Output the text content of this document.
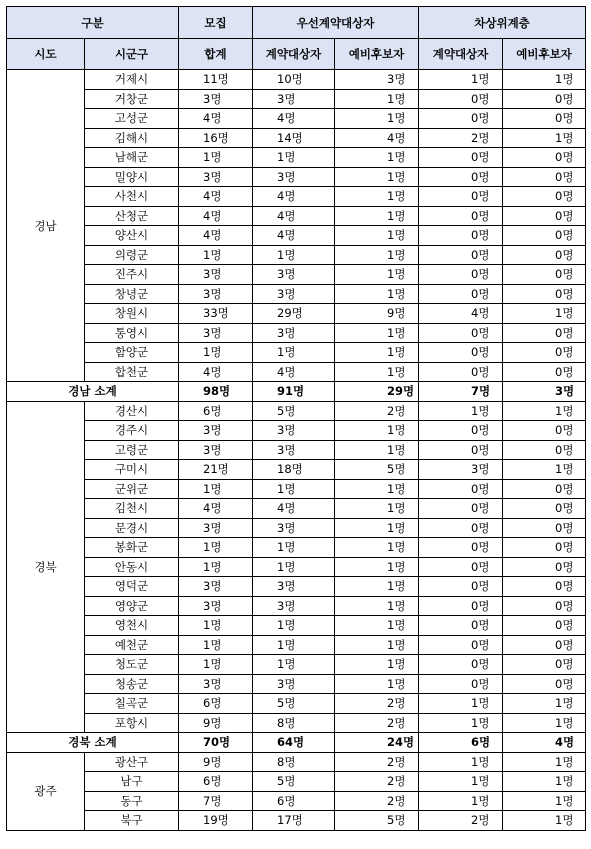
구분		모집	우선계약대상자		차상위계층	
시도	시군구	합계	계약대상자	예비후보자	계약대상자	예비후보자
경남	거제시	11명	10명	3명	1명	1명
	거창군	3명	3명	1명	0명	0명
	고성군	4명	4명	1명	0명	0명
	김해시	16명	14명	4명	2명	1명
	남해군	1명	1명	1명	0명	0명
	밀양시	3명	3명	1명	0명	0명
	사천시	4명	4명	1명	0명	0명
	산청군	4명	4명	1명	0명	0명
	양산시	4명	4명	1명	0명	0명
	의령군	1명	1명	1명	0명	0명
	진주시	3명	3명	1명	0명	0명
	창녕군	3명	3명	1명	0명	0명
	창원시	33명	29명	9명	4명	1명
	통영시	3명	3명	1명	0명	0명
	함양군	1명	1명	1명	0명	0명
	합천군	4명	4명	1명	0명	0명
경남 소계		98명	91명	29명	7명	3명
경북	경산시	6명	5명	2명	1명	1명
	경주시	3명	3명	1명	0명	0명
	고령군	3명	3명	1명	0명	0명
	구미시	21명	18명	5명	3명	1명
	군위군	1명	1명	1명	0명	0명
	김천시	4명	4명	1명	0명	0명
	문경시	3명	3명	1명	0명	0명
	봉화군	1명	1명	1명	0명	0명
	안동시	1명	1명	1명	0명	0명
	영덕군	3명	3명	1명	0명	0명
	영양군	3명	3명	1명	0명	0명
	영천시	1명	1명	1명	0명	0명
	예천군	1명	1명	1명	0명	0명
	청도군	1명	1명	1명	0명	0명
	청송군	3명	3명	1명	0명	0명
	칠곡군	6명	5명	2명	1명	1명
	포항시	9명	8명	2명	1명	1명
경북 소계		70명	64명	24명	6명	4명
광주	광산구	9명	8명	2명	1명	1명
	남구	6명	5명	2명	1명	1명
	동구	7명	6명	2명	1명	1명
	북구	19명	17명	5명	2명	1명
